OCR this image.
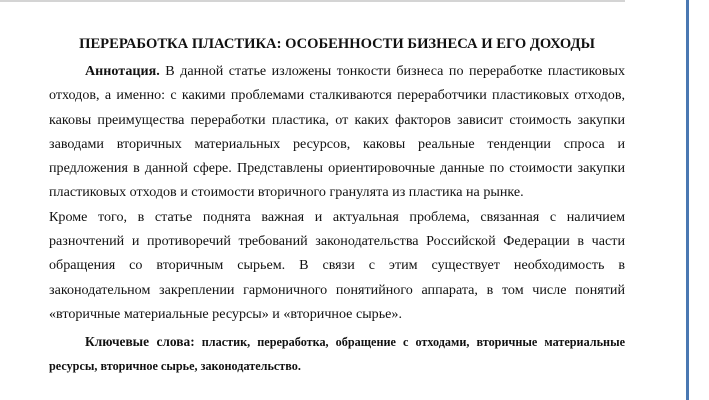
ПЕРЕРАБОТКА ПЛАСТИКА: ОСОБЕННОСТИ БИЗНЕСА И ЕГО ДОХОДЫ

Аннотация. В данной статье изложены тонкости бизнеса по переработке пластиковых отходов, а именно: с какими проблемами сталкиваются переработчики пластиковых отходов, каковы преимущества переработки пластика, от каких факторов зависит стоимость закупки заводами вторичных материальных ресурсов, каковы реальные тенденции спроса и предложения в данной сфере. Представлены ориентировочные данные по стоимости закупки пластиковых отходов и стоимости вторичного гранулята из пластика на рынке.

Кроме того, в статье поднята важная и актуальная проблема, связанная с наличием разночтений и противоречий требований законодательства Российской Федерации в части обращения со вторичным сырьем. В связи с этим существует необходимость в законодательном закреплении гармоничного понятийного аппарата, в том числе понятий «вторичные материальные ресурсы» и «вторичное сырье».

Ключевые слова: пластик, переработка, обращение с отходами, вторичные материальные ресурсы, вторичное сырье, законодательство.
